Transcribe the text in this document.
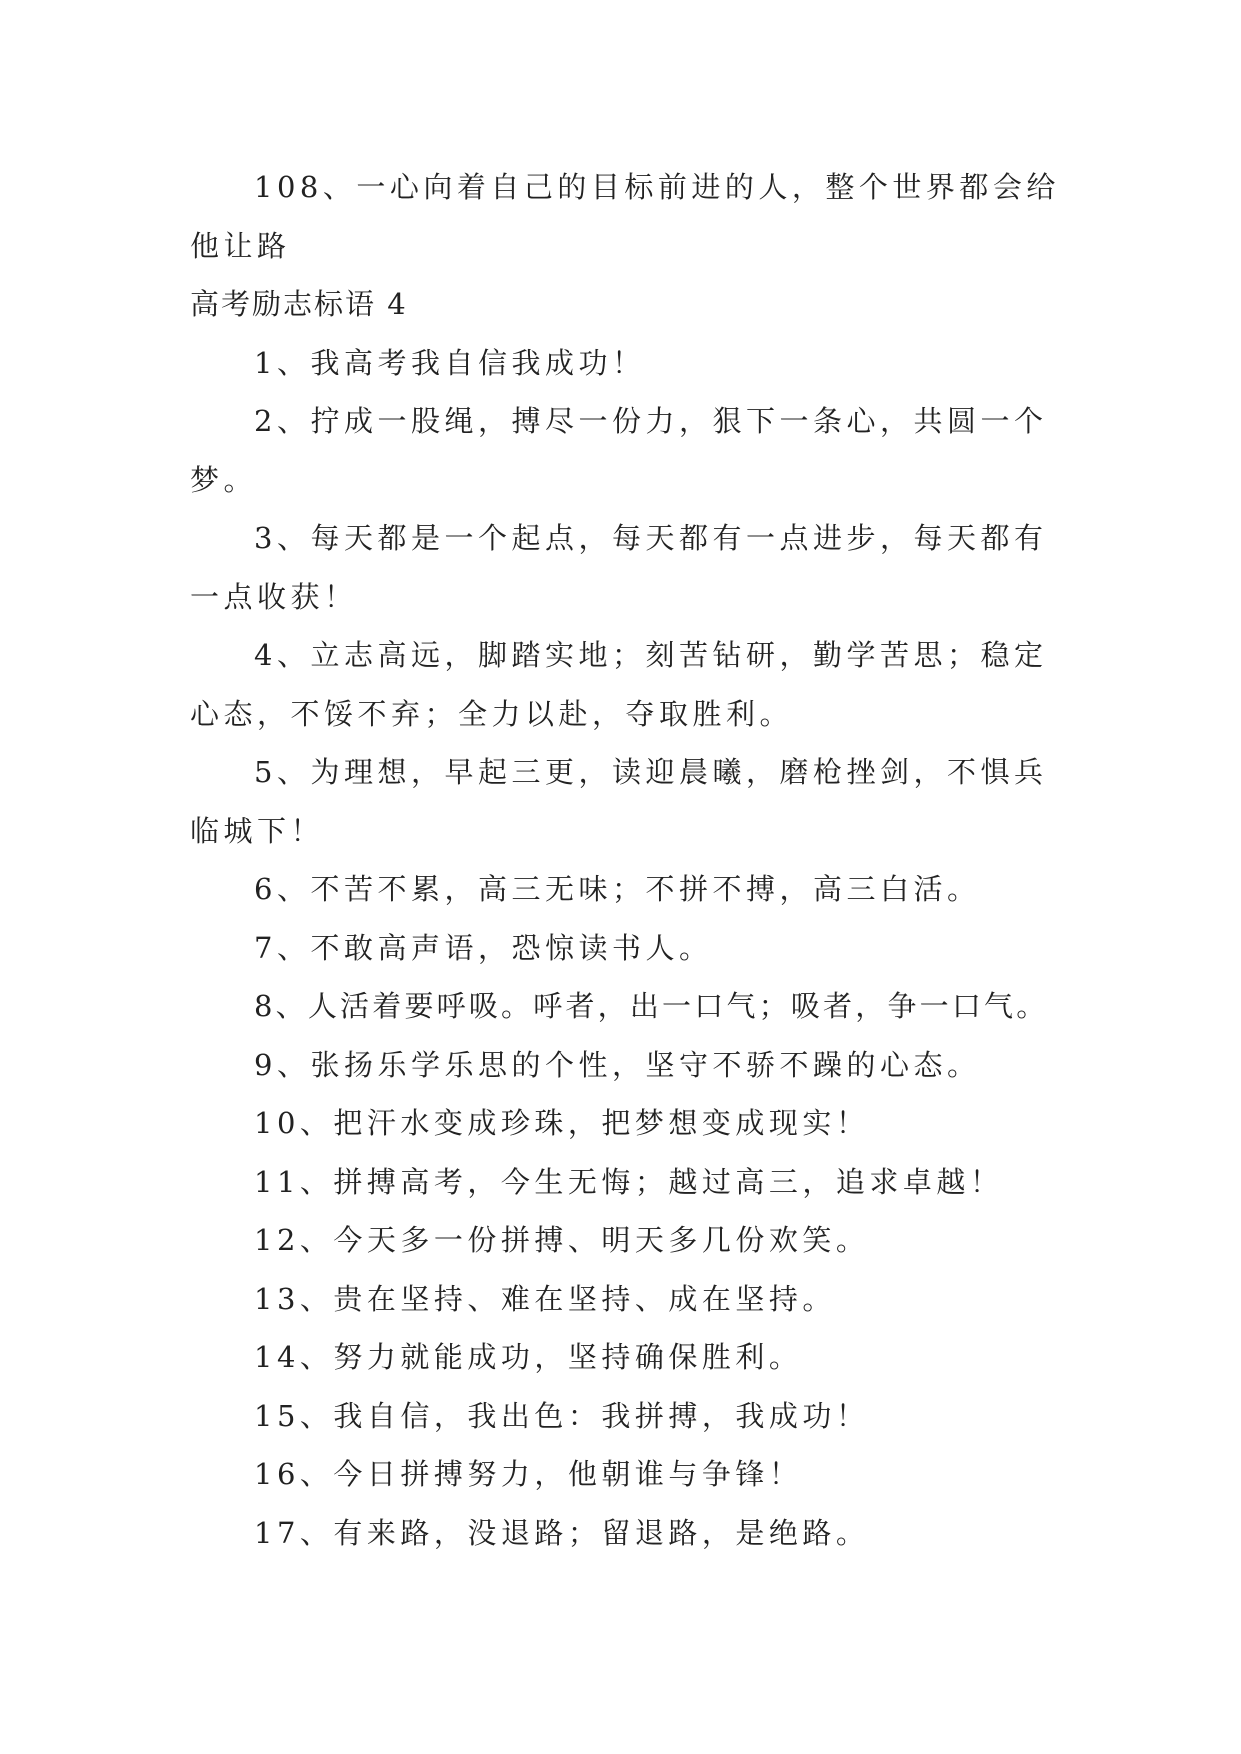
108、一心向着自己的目标前进的人，整个世界都会给他让路

高考励志标语 4

1、我高考我自信我成功！

2、拧成一股绳，搏尽一份力，狠下一条心，共圆一个梦。

3、每天都是一个起点，每天都有一点进步，每天都有一点收获！

4、立志高远，脚踏实地；刻苦钻研，勤学苦思；稳定心态，不馁不弃；全力以赴，夺取胜利。

5、为理想，早起三更，读迎晨曦，磨枪挫剑，不惧兵临城下！

6、不苦不累，高三无味；不拼不搏，高三白活。

7、不敢高声语，恐惊读书人。

8、人活着要呼吸。呼者，出一口气；吸者，争一口气。

9、张扬乐学乐思的个性，坚守不骄不躁的心态。

10、把汗水变成珍珠，把梦想变成现实！

11、拼搏高考，今生无悔；越过高三，追求卓越！

12、今天多一份拼搏、明天多几份欢笑。

13、贵在坚持、难在坚持、成在坚持。

14、努力就能成功，坚持确保胜利。

15、我自信，我出色：我拼搏，我成功！

16、今日拼搏努力，他朝谁与争锋！

17、有来路，没退路；留退路，是绝路。
